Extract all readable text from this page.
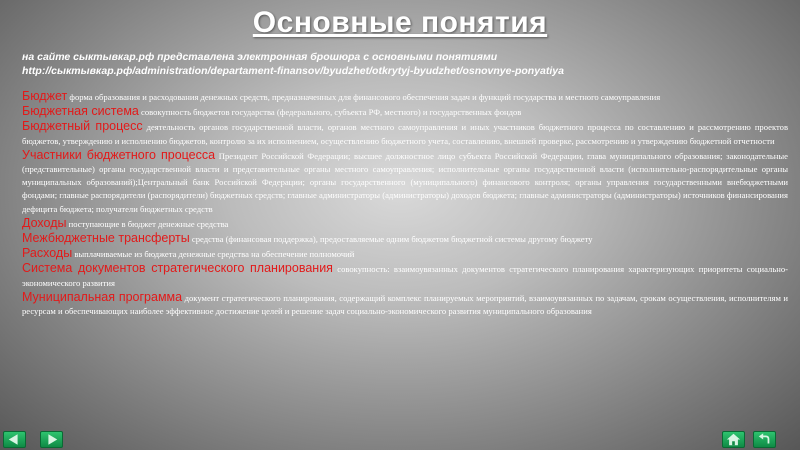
Основные понятия
на сайте сыктывкар.рф представлена электронная брошюра с основными понятиями
http://сыктывкар.рф/administration/departament-finansov/byudzhet/otkrytyj-byudzhet/osnovnye-ponyatiya
Бюджет форма образования и расходования денежных средств, предназначенных для финансового обеспечения задач и функций государства и местного самоуправления
Бюджетная система совокупность бюджетов государства (федерального, субъекта РФ, местного) и государственных фондов
Бюджетный процесс деятельность органов государственной власти, органов местного самоуправления и иных участников бюджетного процесса по составлению и рассмотрению проектов бюджетов, утверждению и исполнению бюджетов, контролю за их исполнением, осуществлению бюджетного учета, составлению, внешней проверке, рассмотрению и утверждению бюджетной отчетности
Участники бюджетного процесса Президент Российской Федерации; высшее должностное лицо субъекта Российской Федерации, глава муниципального образования; законодательные (представительные) органы государственной власти и представительные органы местного самоуправления; исполнительные органы государственной власти (исполнительно-распорядительные органы муниципальных образований);Центральный банк Российской Федерации; органы государственного (муниципального) финансового контроля; органы управления государственными внебюджетными фондами; главные распорядители (распорядители) бюджетных средств; главные администраторы (администраторы) доходов бюджета; главные администраторы (администраторы) источников финансирования дефицита бюджета; получатели бюджетных средств
Доходы поступающие в бюджет денежные средства
Межбюджетные трансферты средства (финансовая поддержка), предоставляемые одним бюджетом бюджетной системы другому бюджету
Расходы выплачиваемые из бюджета денежные средства на обеспечение полномочий
Система документов стратегического планирования совокупность: взаимоувязанных документов стратегического планирования характеризующих приоритеты социально-экономического развития
Муниципальная программа документ стратегического планирования, содержащий комплекс планируемых мероприятий, взаимоувязанных по задачам, срокам осуществления, исполнителям и ресурсам и обеспечивающих наиболее эффективное достижение целей и решение задач социально-экономического развития муниципального образования
